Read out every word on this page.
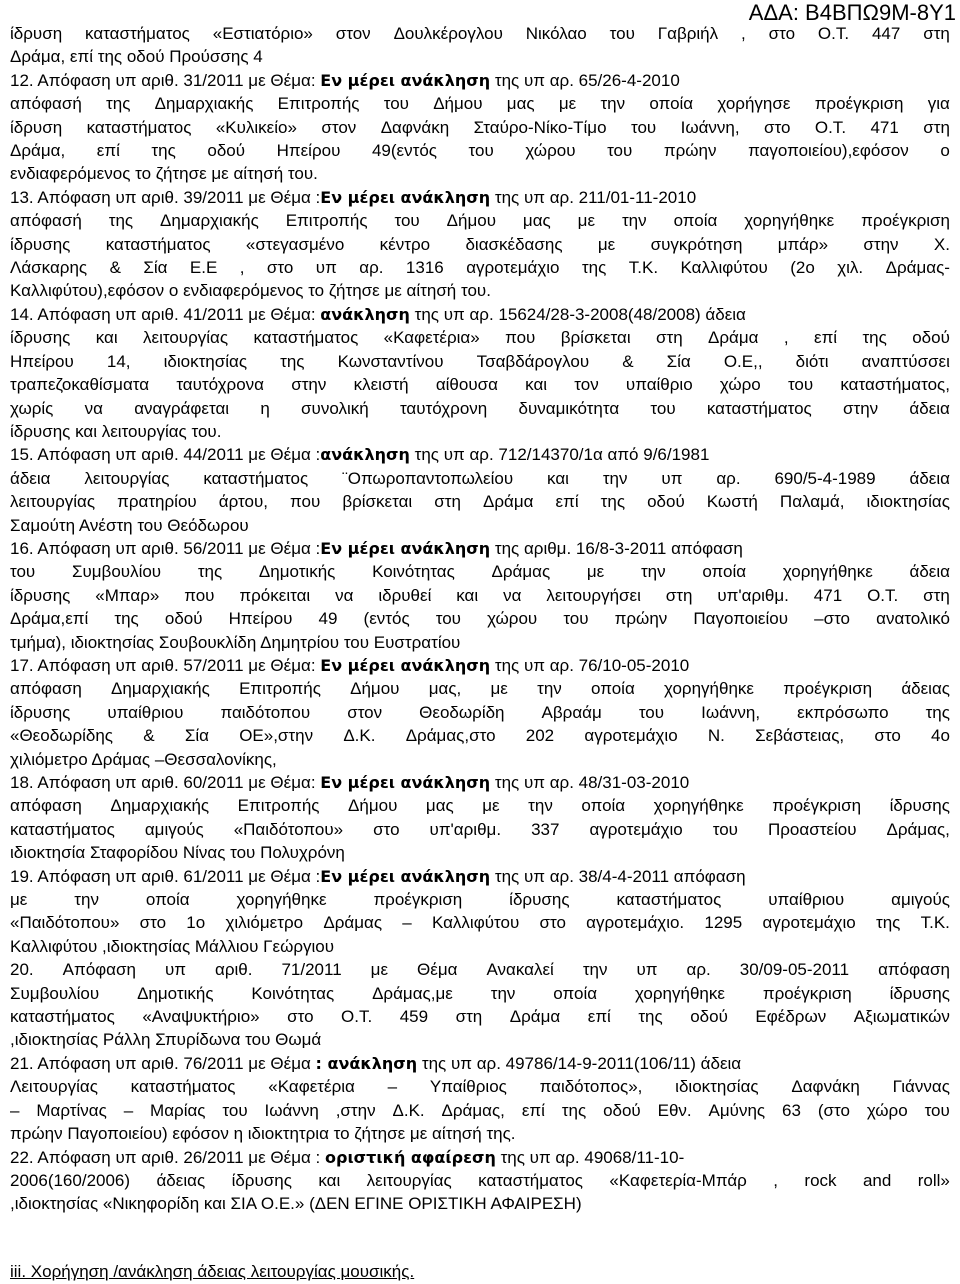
ΑΔΑ: Β4ΒΠΩ9Μ-8Υ1
ίδρυση καταστήματος «Εστιατόριο» στον Δουλκέρογλου Νικόλαο του Γαβριήλ , στο Ο.Τ. 447 στη
Δράμα, επί της οδού Προύσσης 4
12. Απόφαση υπ αριθ. 31/2011 με Θέμα: Εν μέρει ανάκληση της υπ αρ. 65/26-4-2010
απόφασή της Δημαρχιακής Επιτροπής του Δήμου μας με την οποία χορήγησε προέγκριση για
ίδρυση καταστήματος «Κυλικείο» στον Δαφνάκη Σταύρο-Νίκο-Τίμο του Ιωάννη, στο Ο.Τ. 471 στη
Δράμα, επί της οδού Ηπείρου 49(εντός του χώρου του πρώην παγοποιείου),εφόσον ο
ενδιαφερόμενος το ζήτησε με αίτησή του.
13. Απόφαση υπ αριθ. 39/2011 με Θέμα :Εν μέρει ανάκληση της υπ αρ. 211/01-11-2010
απόφασή της Δημαρχιακής Επιτροπής του Δήμου μας με την οποία χορηγήθηκε προέγκριση
ίδρυσης καταστήματος «στεγασμένο κέντρο διασκέδασης με συγκρότηση μπάρ» στην Χ.
Λάσκαρης & Σία Ε.Ε , στο υπ αρ. 1316 αγροτεμάχιο της Τ.Κ. Καλλιφύτου (2ο χιλ. Δράμας-
Καλλιφύτου),εφόσον ο ενδιαφερόμενος το ζήτησε με αίτησή του.
14. Απόφαση υπ αριθ. 41/2011 με Θέμα: ανάκληση της υπ αρ. 15624/28-3-2008(48/2008) άδεια
ίδρυσης και λειτουργίας καταστήματος «Καφετέρια» που βρίσκεται στη Δράμα , επί της οδού
Ηπείρου 14, ιδιοκτησίας της Κωνσταντίνου Τσαβδάρογλου & Σία Ο.Ε,, διότι αναπτύσσει
τραπεζοκαθίσματα ταυτόχρονα στην κλειστή αίθουσα και τον υπαίθριο χώρο του καταστήματος,
χωρίς να αναγράφεται η συνολική ταυτόχρονη δυναμικότητα του καταστήματος στην άδεια
ίδρυσης και λειτουργίας του.
15. Απόφαση υπ αριθ. 44/2011 με Θέμα :ανάκληση της υπ αρ. 712/14370/1α από 9/6/1981
άδεια λειτουργίας καταστήματος ¨Οπωροπαντοπωλείου και την υπ αρ. 690/5-4-1989 άδεια
λειτουργίας πρατηρίου άρτου, που βρίσκεται στη Δράμα επί της οδού Κωστή Παλαμά, ιδιοκτησίας
Σαμούτη Ανέστη του Θεόδωρου
16. Απόφαση υπ αριθ. 56/2011 με Θέμα :Εν μέρει ανάκληση της αριθμ. 16/8-3-2011 απόφαση
του Συμβουλίου της Δημοτικής Κοινότητας Δράμας με την οποία χορηγήθηκε άδεια
ίδρυσης «Μπαρ» που πρόκειται να ιδρυθεί και να λειτουργήσει στη υπ'αριθμ. 471 Ο.Τ. στη
Δράμα,επί της οδού Ηπείρου 49 (εντός του χώρου του πρώην Παγοποιείου –στο ανατολικό
τμήμα), ιδιοκτησίας Σουβουκλίδη Δημητρίου του Ευστρατίου
17. Απόφαση υπ αριθ. 57/2011 με Θέμα: Εν μέρει ανάκληση της υπ αρ. 76/10-05-2010
απόφαση Δημαρχιακής Επιτροπής Δήμου μας, με την οποία χορηγήθηκε προέγκριση άδειας
ίδρυσης υπαίθριου παιδότοπου στον Θεοδωρίδη Αβραάμ του Ιωάννη, εκπρόσωπο της
«Θεοδωρίδης & Σία ΟΕ»,στην Δ.Κ. Δράμας,στο 202 αγροτεμάχιο Ν. Σεβάστειας, στο 4ο
χιλιόμετρο Δράμας –Θεσσαλονίκης,
18. Απόφαση υπ αριθ. 60/2011 με Θέμα: Εν μέρει ανάκληση της υπ αρ. 48/31-03-2010
απόφαση Δημαρχιακής Επιτροπής Δήμου μας με την οποία χορηγήθηκε προέγκριση ίδρυσης
καταστήματος αμιγούς «Παιδότοπου» στο υπ'αριθμ. 337 αγροτεμάχιο του Προαστείου Δράμας,
ιδιοκτησία Σταφορίδου Νίνας του Πολυχρόνη
19. Απόφαση υπ αριθ. 61/2011 με Θέμα :Εν μέρει ανάκληση της υπ αρ. 38/4-4-2011 απόφαση
με	την	οποία	χορηγήθηκε	προέγκριση	ίδρυσης	καταστήματος	υπαίθριου	αμιγούς
«Παιδότοπου» στο 1ο χιλιόμετρο Δράμας – Καλλιφύτου στο αγροτεμάχιο. 1295 αγροτεμάχιο της Τ.Κ.
Καλλιφύτου ,ιδιοκτησίας Μάλλιου Γεώργιου
20. Απόφαση υπ αριθ. 71/2011 με Θέμα Ανακαλεί την υπ αρ. 30/09-05-2011 απόφαση
Συμβουλίου Δημοτικής Κοινότητας Δράμας,με την οποία χορηγήθηκε προέγκριση ίδρυσης
καταστήματος «Αναψυκτήριο» στο Ο.Τ. 459 στη Δράμα επί της οδού Εφέδρων Αξιωματικών
,ιδιοκτησίας Ράλλη Σπυρίδωνα του Θωμά
21. Απόφαση υπ αριθ. 76/2011 με Θέμα : ανάκληση της υπ αρ. 49786/14-9-2011(106/11) άδεια
Λειτουργίας καταστήματος «Καφετέρια – Υπαίθριος παιδότοπος», ιδιοκτησίας Δαφνάκη Γιάννας
– Μαρτίνας – Μαρίας του Ιωάννη ,στην Δ.Κ. Δράμας, επί της οδού Εθν. Αμύνης 63 (στο χώρο του
πρώην Παγοποιείου) εφόσον η ιδιοκτητρια το ζήτησε με αίτησή της.
22. Απόφαση υπ αριθ. 26/2011 με Θέμα : οριστική αφαίρεση της υπ αρ. 49068/11-10-
2006(160/2006) άδειας ίδρυσης και λειτουργίας καταστήματος «Καφετερία-Μπάρ , rock and roll»
,ιδιοκτησίας «Νικηφορίδη και ΣΙΑ Ο.Ε.» (ΔΕΝ ΕΓΙΝΕ ΟΡΙΣΤΙΚΗ ΑΦΑΙΡΕΣΗ)
iii. Χορήγηση /ανάκληση άδειας λειτουργίας μουσικής.
